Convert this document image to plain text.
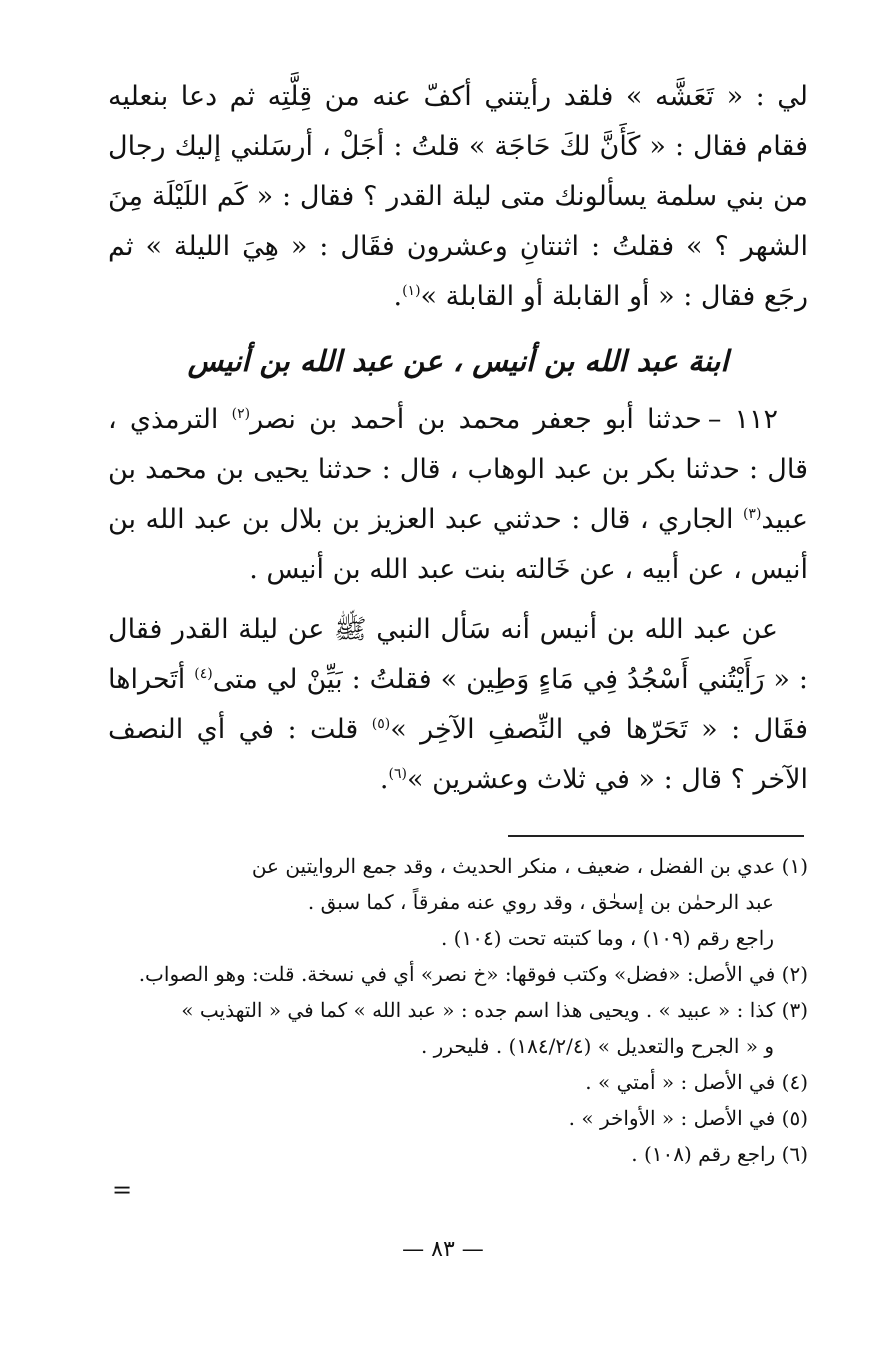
لي : « تَعَشَّه » فلقد رأيتني أكفّ عنه من قِلَّتِه ثم دعا بنعليه فقام فقال : « كَأَنَّ لكَ حَاجَة » قلتُ : أجَلْ ، أرسَلني إليك رجال من بني سلمة يسألونك متى ليلة القدر ؟ فقال : « كَم اللَيْلَة مِنَ الشهر ؟ » فقلتُ : اثنتانِ وعشرون فقَال : « هِيَ الليلة » ثم رجَع فقال : « أو القابلة أو القابلة »$^{(١)}$.

ابنة عبد الله بن أنيس ، عن عبد الله بن أنيس

١١٢ –حدثنا أبو جعفر محمد بن أحمد بن نصر$^{(٢)}$ الترمذي ، قال : حدثنا بكر بن عبد الوهاب ، قال : حدثنا يحيى بن محمد بن عبيد$^{(٣)}$ الجاري ، قال : حدثني عبد العزيز بن بلال بن عبد الله بن أنيس ، عن أبيه ، عن خَالته بنت عبد الله بن أنيس .

عن عبد الله بن أنيس أنه سَأل النبي ﷺ عن ليلة القدر فقال : « رَأَيْتُني أَسْجُدُ فِي مَاءٍ وَطِين » فقلتُ : بَيِّنْ لي متى$^{(٤)}$ أتَحراها فقَال : « تَحَرّها في النِّصفِ الآخِر »$^{(٥)}$ قلت : في أي النصف الآخر ؟ قال : « في ثلاث وعشرين »$^{(٦)}$.

(١) عدي بن الفضل ، ضعيف ، منكر الحديث ، وقد جمع الروايتين عن
عبد الرحمٰن بن إسحٰق ، وقد روي عنه مفرقاً ، كما سبق .

راجع رقم (١٠٩) ، وما كتبته تحت (١٠٤) .

(٢) في الأصل: «فضل» وكتب فوقها: «خ نصر» أي في نسخة. قلت: وهو الصواب.

(٣) كذا : « عبيد » . ويحيى هذا اسم جده : « عبد الله » كما في « التهذيب »
و « الجرح والتعديل » (١٨٤/٢/٤) . فليحرر .

(٤) في الأصل : « أمتي » .

(٥) في الأصل : « الأواخر » .

(٦) راجع رقم (١٠٨) .

=
— ٨٣ —
